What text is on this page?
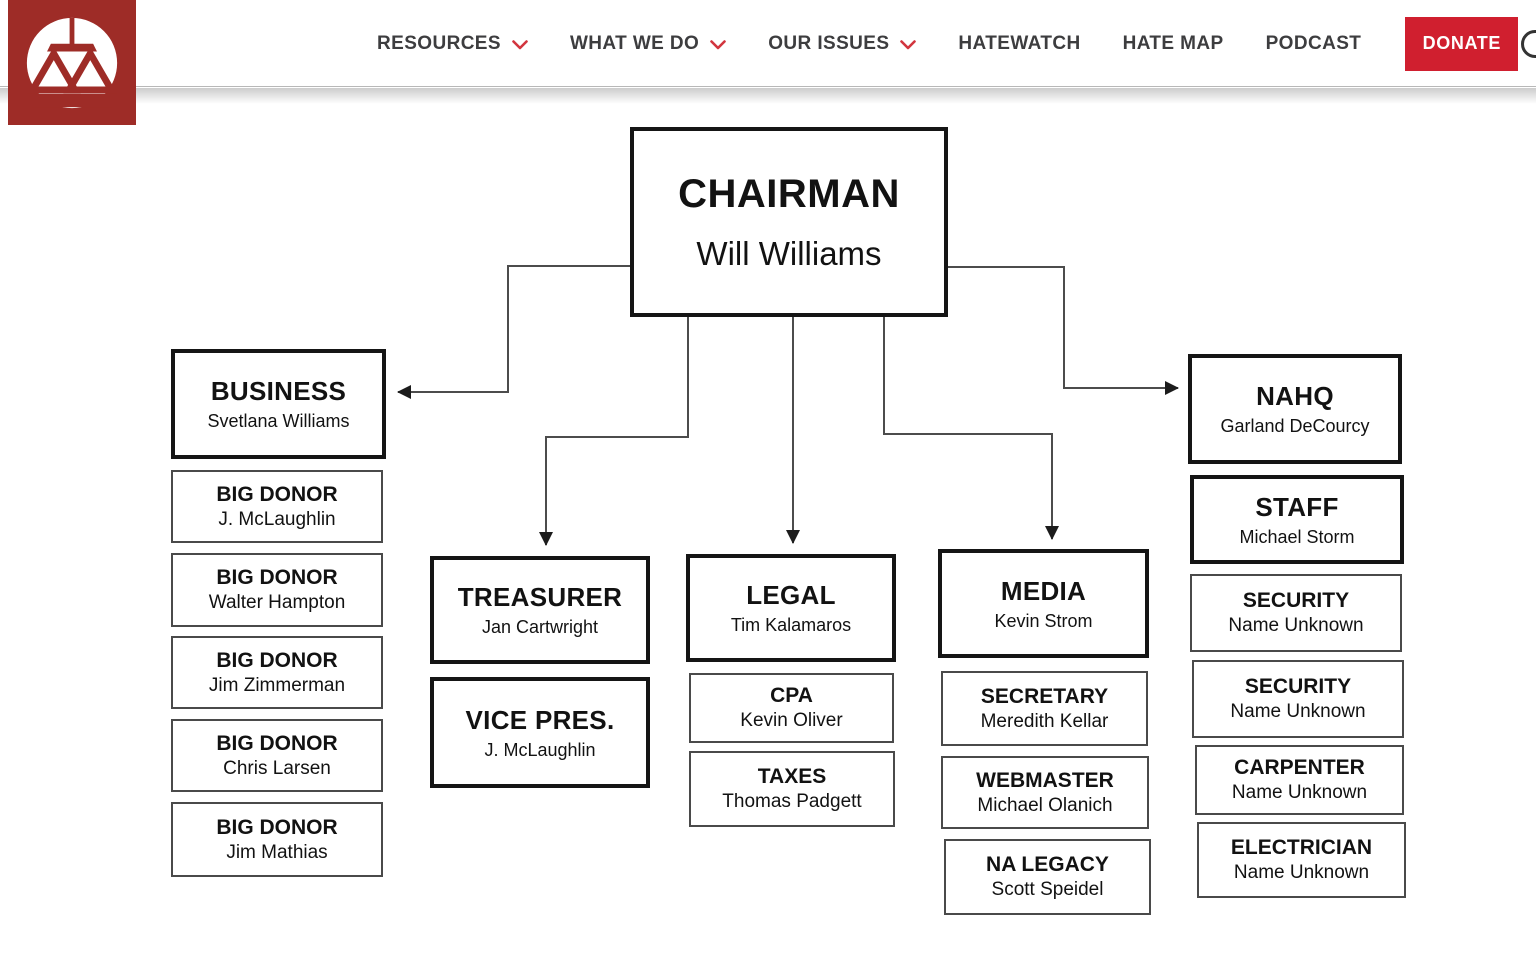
RESOURCES	WHAT WE DO	OUR ISSUES	HATEWATCH HATE MAP PODCAST	DONATE
CHAIRMAN
Will Williams
BUSINESS
Svetlana Williams
BIG DONOR
J. McLaughlin
BIG DONOR
Walter Hampton
BIG DONOR
Jim Zimmerman
BIG DONOR
Chris Larsen
BIG DONOR
Jim Mathias
TREASURER
Jan Cartwright
VICE PRES.
J. McLaughlin
LEGAL
Tim Kalamaros
CPA
Kevin Oliver
TAXES
Thomas Padgett
MEDIA
Kevin Strom
SECRETARY
Meredith Kellar
WEBMASTER
Michael Olanich
NA LEGACY
Scott Speidel
NAHQ
Garland DeCourcy
STAFF
Michael Storm
SECURITY
Name Unknown
SECURITY
Name Unknown
CARPENTER
Name Unknown
ELECTRICIAN
Name Unknown
